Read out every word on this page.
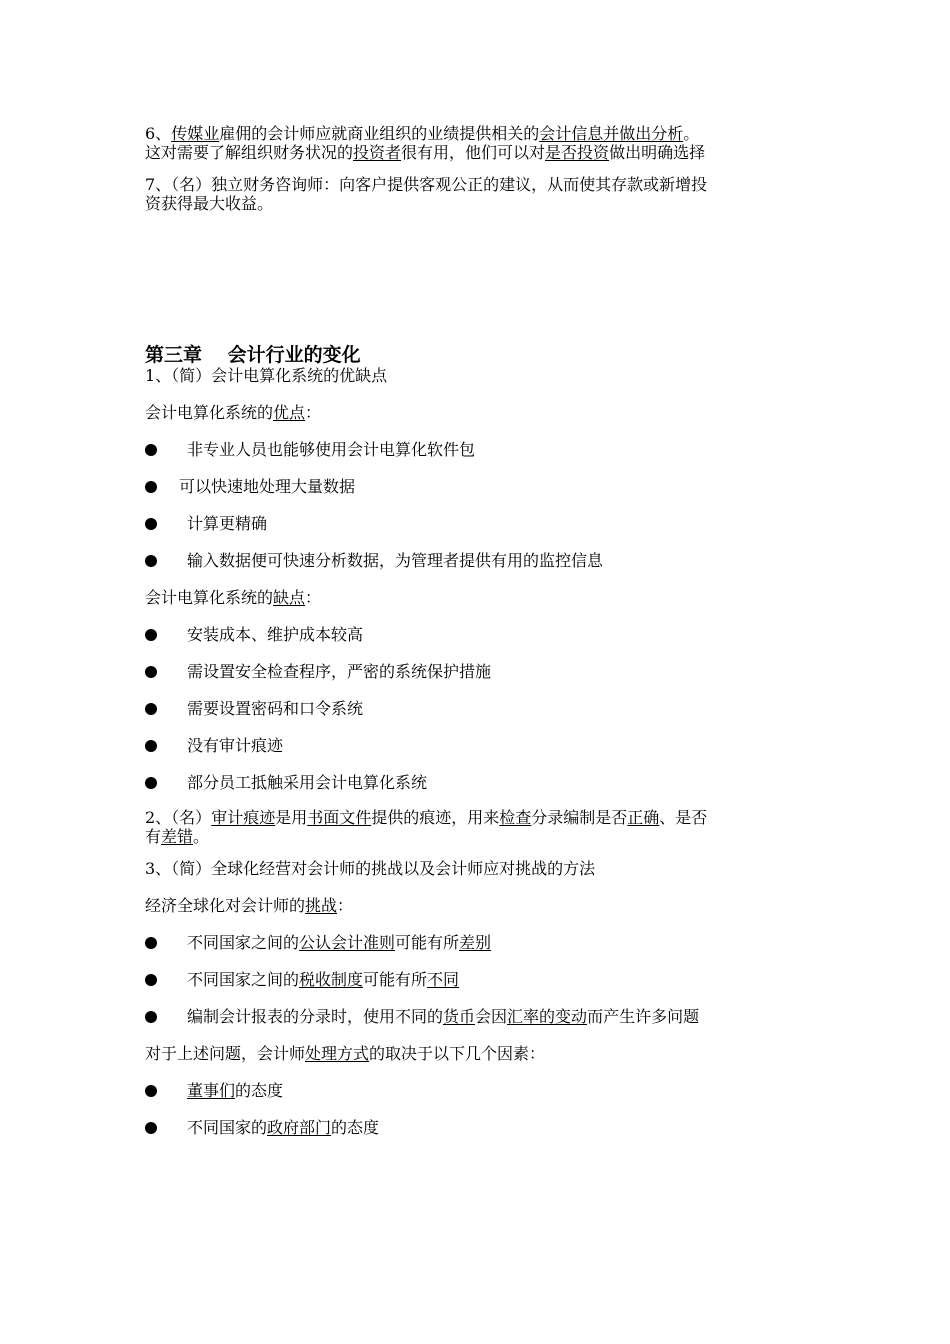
6、传媒业雇佣的会计师应就商业组织的业绩提供相关的会计信息并做出分析。
这对需要了解组织财务状况的投资者很有用，他们可以对是否投资做出明确选择

7、（名）独立财务咨询师：向客户提供客观公正的建议，从而使其存款或新增投
资获得最大收益。

第三章　 会计行业的变化

1、（简）会计电算化系统的优缺点

会计电算化系统的优点：

非专业人员也能够使用会计电算化软件包
可以快速地处理大量数据
计算更精确
输入数据便可快速分析数据，为管理者提供有用的监控信息

会计电算化系统的缺点：

安装成本、维护成本较高
需设置安全检查程序，严密的系统保护措施
需要设置密码和口令系统
没有审计痕迹
部分员工抵触采用会计电算化系统

2、（名）审计痕迹是用书面文件提供的痕迹，用来检查分录编制是否正确、是否
有差错。

3、（简）全球化经营对会计师的挑战以及会计师应对挑战的方法

经济全球化对会计师的挑战：

不同国家之间的公认会计准则可能有所差别
不同国家之间的税收制度可能有所不同
编制会计报表的分录时，使用不同的货币会因汇率的变动而产生许多问题

对于上述问题，会计师处理方式的取决于以下几个因素：

董事们的态度
不同国家的政府部门的态度
